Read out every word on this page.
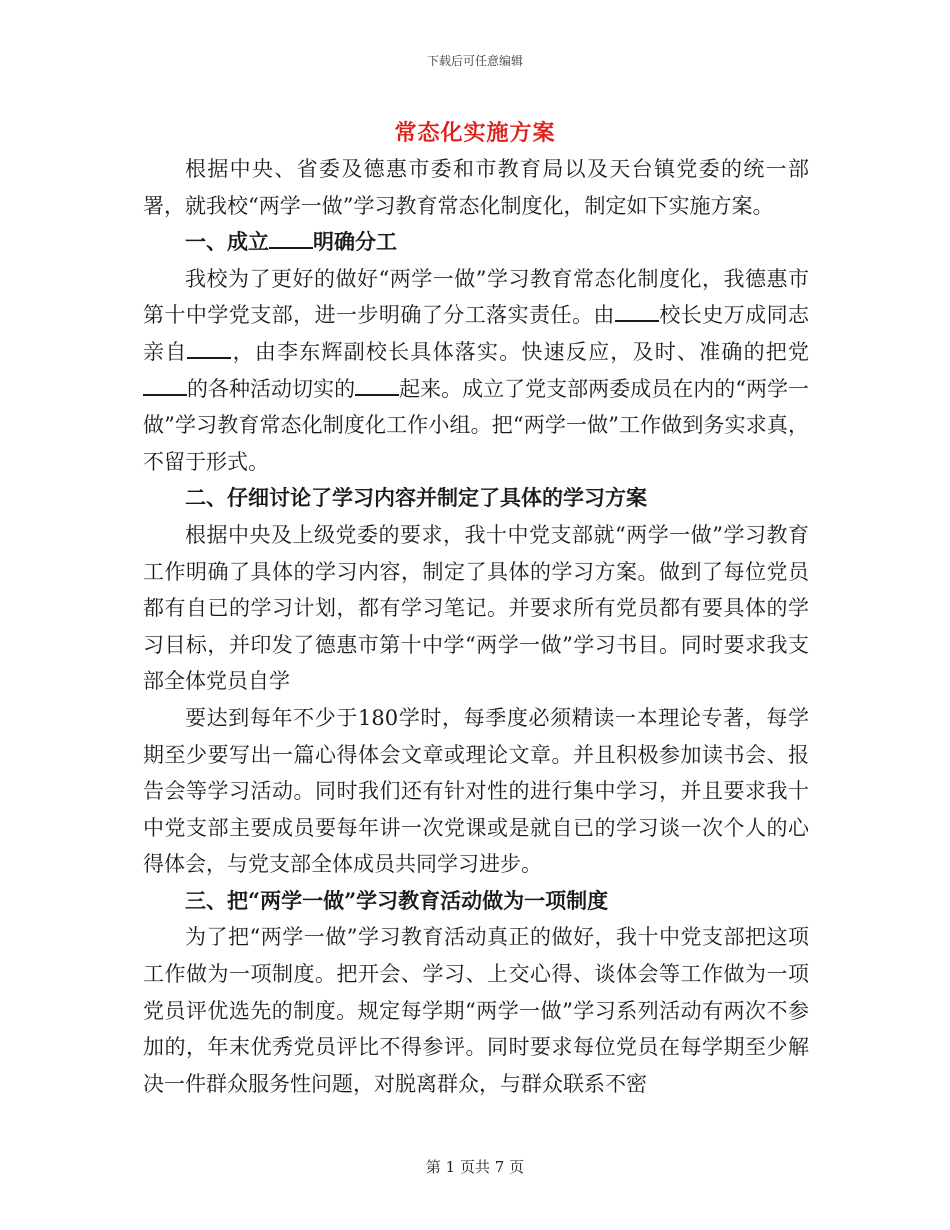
下载后可任意编辑
常态化实施方案

根据中央、省委及德惠市委和市教育局以及天台镇党委的统一部署，就我校“两学一做”学习教育常态化制度化，制定如下实施方案。

一、成立 明确分工

我校为了更好的做好“两学一做”学习教育常态化制度化，我德惠市第十中学党支部，进一步明确了分工落实责任。由 校长史万成同志亲自 ，由李东辉副校长具体落实。快速反应，及时、准确的把党的各种活动切实的 起来。成立了党支部两委成员在内的“两学一做”学习教育常态化制度化工作小组。把“两学一做”工作做到务实求真，不留于形式。

二、仔细讨论了学习内容并制定了具体的学习方案

根据中央及上级党委的要求，我十中党支部就“两学一做”学习教育工作明确了具体的学习内容，制定了具体的学习方案。做到了每位党员都有自已的学习计划，都有学习笔记。并要求所有党员都有要具体的学习目标，并印发了德惠市第十中学“两学一做”学习书目。同时要求我支部全体党员自学

要达到每年不少于180学时，每季度必须精读一本理论专著，每学期至少要写出一篇心得体会文章或理论文章。并且积极参加读书会、报告会等学习活动。同时我们还有针对性的进行集中学习，并且要求我十中党支部主要成员要每年讲一次党课或是就自已的学习谈一次个人的心得体会，与党支部全体成员共同学习进步。

三、把“两学一做”学习教育活动做为一项制度

为了把“两学一做”学习教育活动真正的做好，我十中党支部把这项工作做为一项制度。把开会、学习、上交心得、谈体会等工作做为一项党员评优选先的制度。规定每学期“两学一做”学习系列活动有两次不参加的，年末优秀党员评比不得参评。同时要求每位党员在每学期至少解决一件群众服务性问题，对脱离群众，与群众联系不密

第 1 页共 7 页
